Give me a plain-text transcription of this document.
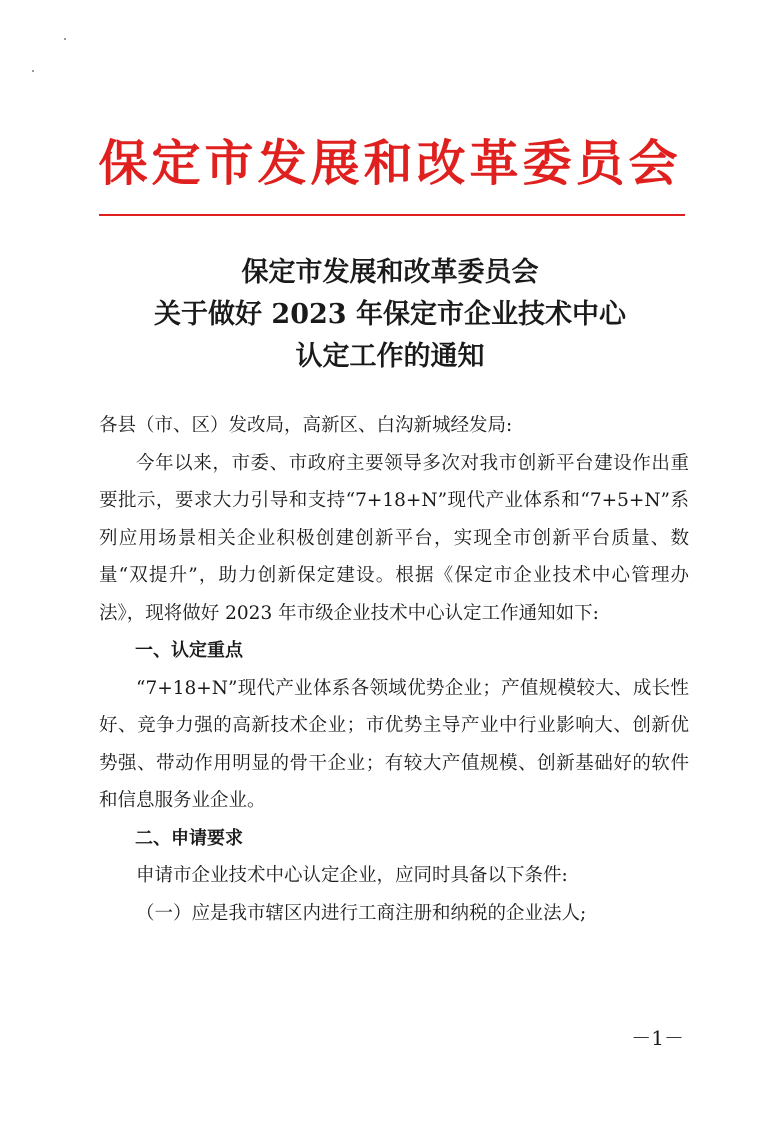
保定市发展和改革委员会
保定市发展和改革委员会
关于做好 2023 年保定市企业技术中心
认定工作的通知

各县（市、区）发改局，高新区、白沟新城经发局:

今年以来，市委、市政府主要领导多次对我市创新平台建设作出重要批示，要求大力引导和支持“7+18+N”现代产业体系和“7+5+N”系列应用场景相关企业积极创建创新平台，实现全市创新平台质量、数量“双提升”，助力创新保定建设。根据《保定市企业技术中心管理办法》，现将做好 2023 年市级企业技术中心认定工作通知如下:

一、认定重点

“7+18+N”现代产业体系各领域优势企业；产值规模较大、成长性好、竞争力强的高新技术企业；市优势主导产业中行业影响大、创新优势强、带动作用明显的骨干企业；有较大产值规模、创新基础好的软件和信息服务业企业。

二、申请要求

申请市企业技术中心认定企业，应同时具备以下条件:

（一）应是我市辖区内进行工商注册和纳税的企业法人;

－1－
